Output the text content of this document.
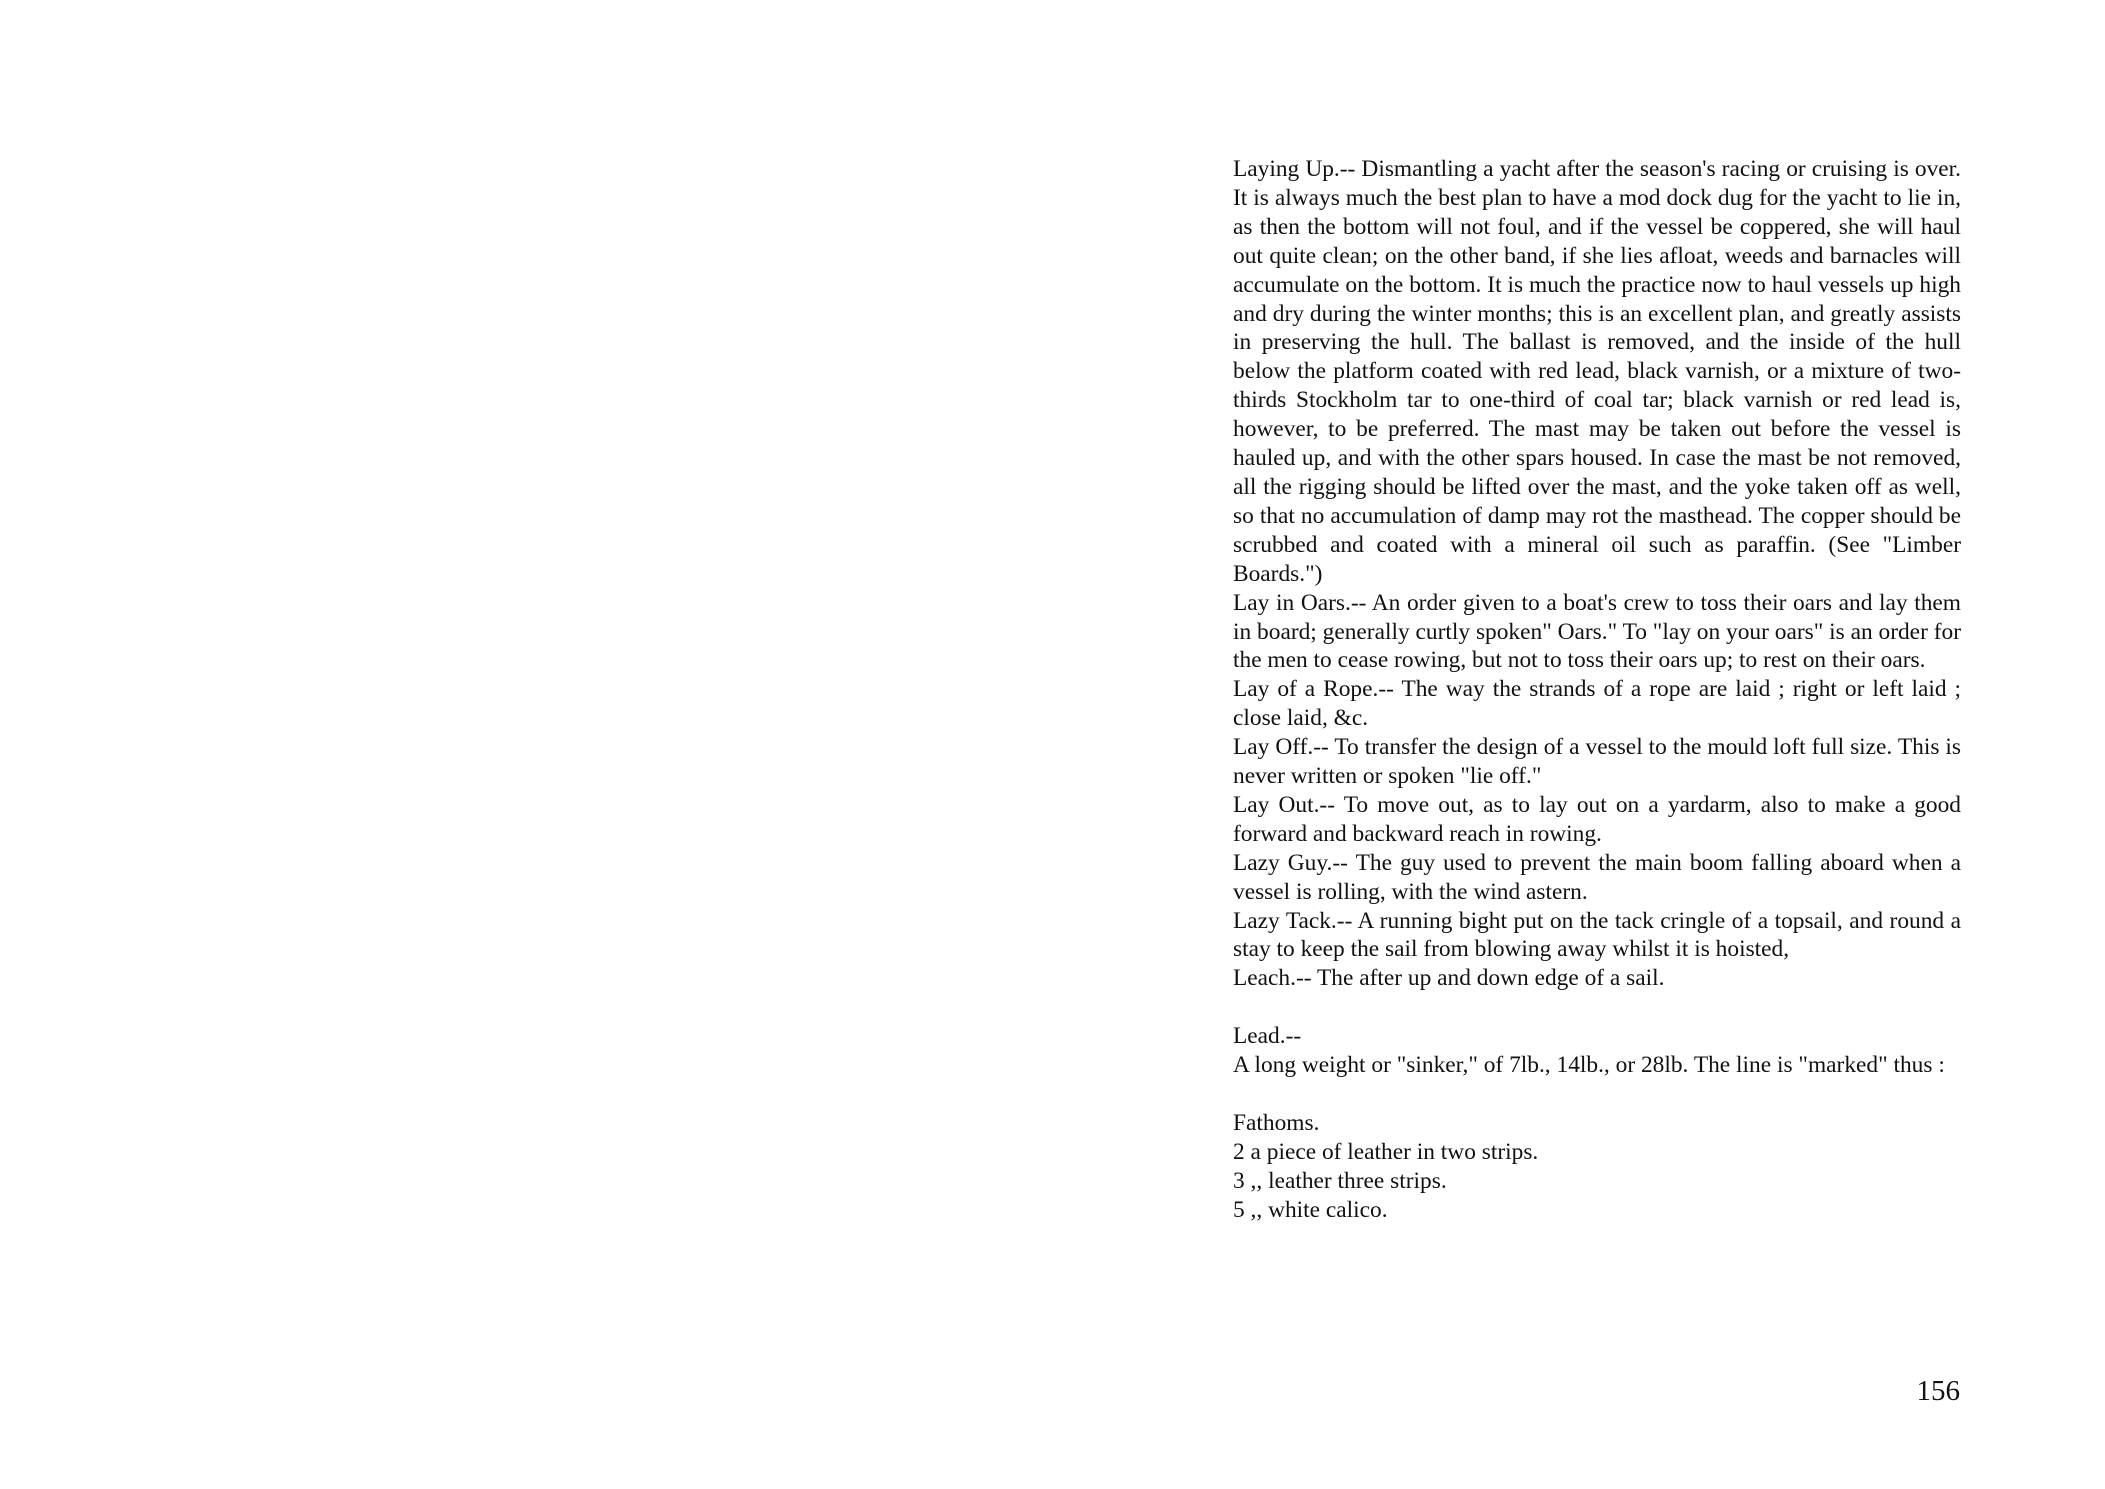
Laying Up.-- Dismantling a yacht after the season's racing or cruising is over. It is always much the best plan to have a mod dock dug for the yacht to lie in, as then the bottom will not foul, and if the vessel be coppered, she will haul out quite clean; on the other band, if she lies afloat, weeds and barnacles will accumulate on the bottom. It is much the practice now to haul vessels up high and dry during the winter months; this is an excellent plan, and greatly assists in preserving the hull. The ballast is removed, and the inside of the hull below the platform coated with red lead, black varnish, or a mixture of two-thirds Stockholm tar to one-third of coal tar; black varnish or red lead is, however, to be preferred. The mast may be taken out before the vessel is hauled up, and with the other spars housed. In case the mast be not removed, all the rigging should be lifted over the mast, and the yoke taken off as well, so that no accumulation of damp may rot the masthead. The copper should be scrubbed and coated with a mineral oil such as paraffin. (See "Limber Boards.")

Lay in Oars.-- An order given to a boat's crew to toss their oars and lay them in board; generally curtly spoken" Oars." To "lay on your oars" is an order for the men to cease rowing, but not to toss their oars up; to rest on their oars.

Lay of a Rope.-- The way the strands of a rope are laid ; right or left laid ; close laid, &c.

Lay Off.-- To transfer the design of a vessel to the mould loft full size. This is never written or spoken "lie off."

Lay Out.-- To move out, as to lay out on a yardarm, also to make a good forward and backward reach in rowing.

Lazy Guy.-- The guy used to prevent the main boom falling aboard when a vessel is rolling, with the wind astern.

Lazy Tack.-- A running bight put on the tack cringle of a topsail, and round a stay to keep the sail from blowing away whilst it is hoisted,

Leach.-- The after up and down edge of a sail.

Lead.--

A long weight or "sinker," of 7lb., 14lb., or 28lb. The line is "marked" thus :

Fathoms.

2 a piece of leather in two strips.

3 ,, leather three strips.

5 ,, white calico.

156
